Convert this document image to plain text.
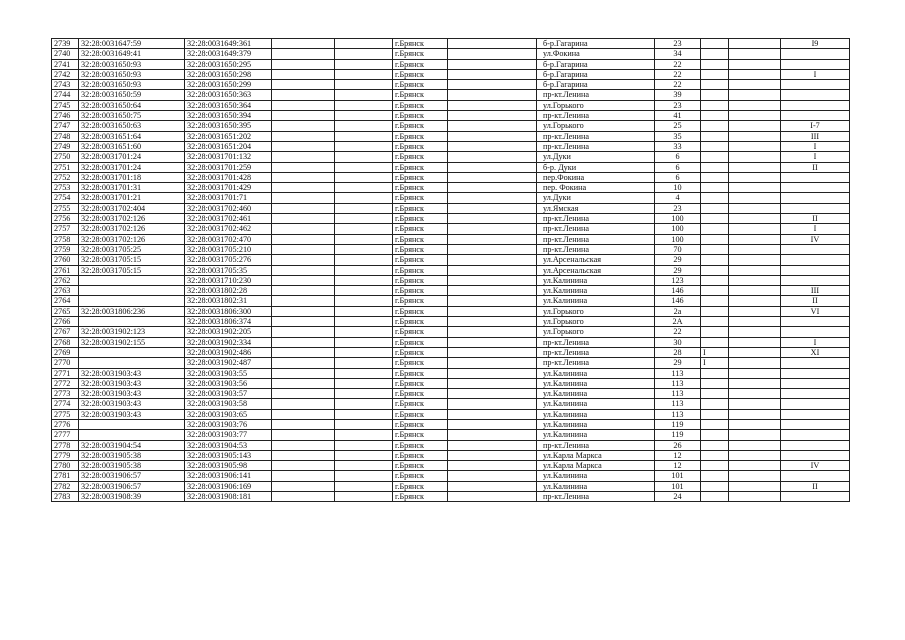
2739	32:28:0031647:59	32:28:0031649:361			г.Брянск		б-р.Гагарина	23			I9
2740	32:28:0031649:41	32:28:0031649:379			г.Брянск		ул.Фокина	34			
2741	32:28:0031650:93	32:28:0031650:295			г.Брянск		б-р.Гагарина	22			
2742	32:28:0031650:93	32:28:0031650:298			г.Брянск		б-р.Гагарина	22			I
2743	32:28:0031650:93	32:28:0031650:299			г.Брянск		б-р.Гагарина	22			
2744	32:28:0031650:59	32:28:0031650:363			г.Брянск		пр-кт.Ленина	39			
2745	32:28:0031650:64	32:28:0031650:364			г.Брянск		ул.Горького	23			
2746	32:28:0031650:75	32:28:0031650:394			г.Брянск		пр-кт.Ленина	41			
2747	32:28:0031650:63	32:28:0031650:395			г.Брянск		ул.Горького	25			I-7
2748	32:28:0031651:64	32:28:0031651:202			г.Брянск		пр-кт.Ленина	35			III
2749	32:28:0031651:60	32:28:0031651:204			г.Брянск		пр-кт.Ленина	33			I
2750	32:28:0031701:24	32:28:0031701:132			г.Брянск		ул.Дуки	6			I
2751	32:28:0031701:24	32:28:0031701:259			г.Брянск		б-р. Дуки	6			II
2752	32:28:0031701:18	32:28:0031701:428			г.Брянск		пер.Фокина	6			
2753	32:28:0031701:31	32:28:0031701:429			г.Брянск		пер. Фокина	10			
2754	32:28:0031701:21	32:28:0031701:71			г.Брянск		ул.Дуки	4			
2755	32:28:0031702:404	32:28:0031702:460			г.Брянск		ул.Ямская	23			
2756	32:28:0031702:126	32:28:0031702:461			г.Брянск		пр-кт.Ленина	100			II
2757	32:28:0031702:126	32:28:0031702:462			г.Брянск		пр-кт.Ленина	100			I
2758	32:28:0031702:126	32:28:0031702:470			г.Брянск		пр-кт.Ленина	100			IV
2759	32:28:0031705:25	32:28:0031705:210			г.Брянск		пр-кт.Ленина	70			
2760	32:28:0031705:15	32:28:0031705:276			г.Брянск		ул.Арсенальская	29			
2761	32:28:0031705:15	32:28:0031705:35			г.Брянск		ул.Арсенальская	29			
2762		32:28:0031710:230			г.Брянск		ул.Калинина	123			
2763		32:28:0031802:28			г.Брянск		ул.Калинина	146			III
2764		32:28:0031802:31			г.Брянск		ул.Калинина	146			II
2765	32:28:0031806:236	32:28:0031806:300			г.Брянск		ул.Горького	2а			VI
2766		32:28:0031806:374			г.Брянск		ул.Горького	2А			
2767	32:28:0031902:123	32:28:0031902:205			г.Брянск		ул.Горького	22			
2768	32:28:0031902:155	32:28:0031902:334			г.Брянск		пр-кт.Ленина	30			I
2769		32:28:0031902:486			г.Брянск		пр-кт.Ленина	28	I		XI
2770		32:28:0031902:487			г.Брянск		пр-кт.Ленина	29	I		
2771	32:28:0031903:43	32:28:0031903:55			г.Брянск		ул.Калинина	113			
2772	32:28:0031903:43	32:28:0031903:56			г.Брянск		ул.Калинина	113			
2773	32:28:0031903:43	32:28:0031903:57			г.Брянск		ул.Калинина	113			
2774	32:28:0031903:43	32:28:0031903:58			г.Брянск		ул.Калинина	113			
2775	32:28:0031903:43	32:28:0031903:65			г.Брянск		ул.Калинина	113			
2776		32:28:0031903:76			г.Брянск		ул.Калинина	119			
2777		32:28:0031903:77			г.Брянск		ул.Калинина	119			
2778	32:28:0031904:54	32:28:0031904:53			г.Брянск		пр-кт.Ленина	26			
2779	32:28:0031905:38	32:28:0031905:143			г.Брянск		ул.Карла Маркса	12			
2780	32:28:0031905:38	32:28:0031905:98			г.Брянск		ул.Карла Маркса	12			IV
2781	32:28:0031906:57	32:28:0031906:141			г.Брянск		ул.Калинина	101			
2782	32:28:0031906:57	32:28:0031906:169			г.Брянск		ул.Калинина	101			II
2783	32:28:0031908:39	32:28:0031908:181			г.Брянск		пр-кт.Ленина	24			
